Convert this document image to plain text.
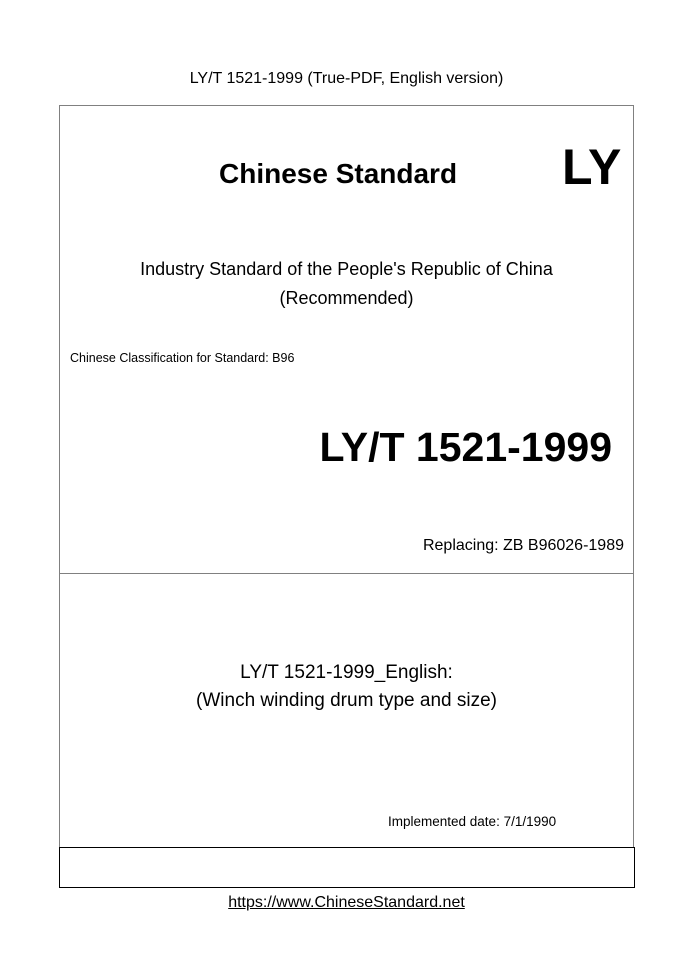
LY/T 1521-1999 (True-PDF, English version)
Chinese Standard LY
Industry Standard of the People's Republic of China
(Recommended)
Chinese Classification for Standard: B96
LY/T 1521-1999
Replacing: ZB B96026-1989
LY/T 1521-1999_English:
(Winch winding drum type and size)
Implemented date: 7/1/1990
https://www.ChineseStandard.net
